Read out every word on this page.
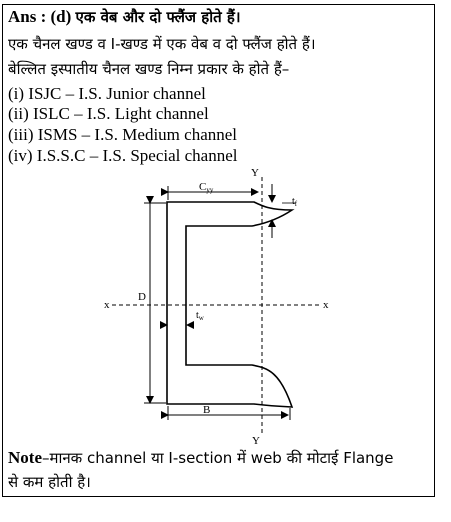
Ans : (d) एक वेब और दो फ्लैंज होते हैं।
एक चैनल खण्ड व I-खण्ड में एक वेब व दो फ्लैंज होते हैं।
बेल्लित इस्पातीय चैनल खण्ड निम्न प्रकार के होते हैं–
(i) ISJC – I.S. Junior channel
(ii) ISLC – I.S. Light channel
(iii) ISMS – I.S. Medium channel
(iv) I.S.S.C – I.S. Special channel
Y
Y
x	x
Cyy
D
$t_f$
$t_w$
B
Note–मानक channel या I-section में web की मोटाई Flange
से कम होती है।
